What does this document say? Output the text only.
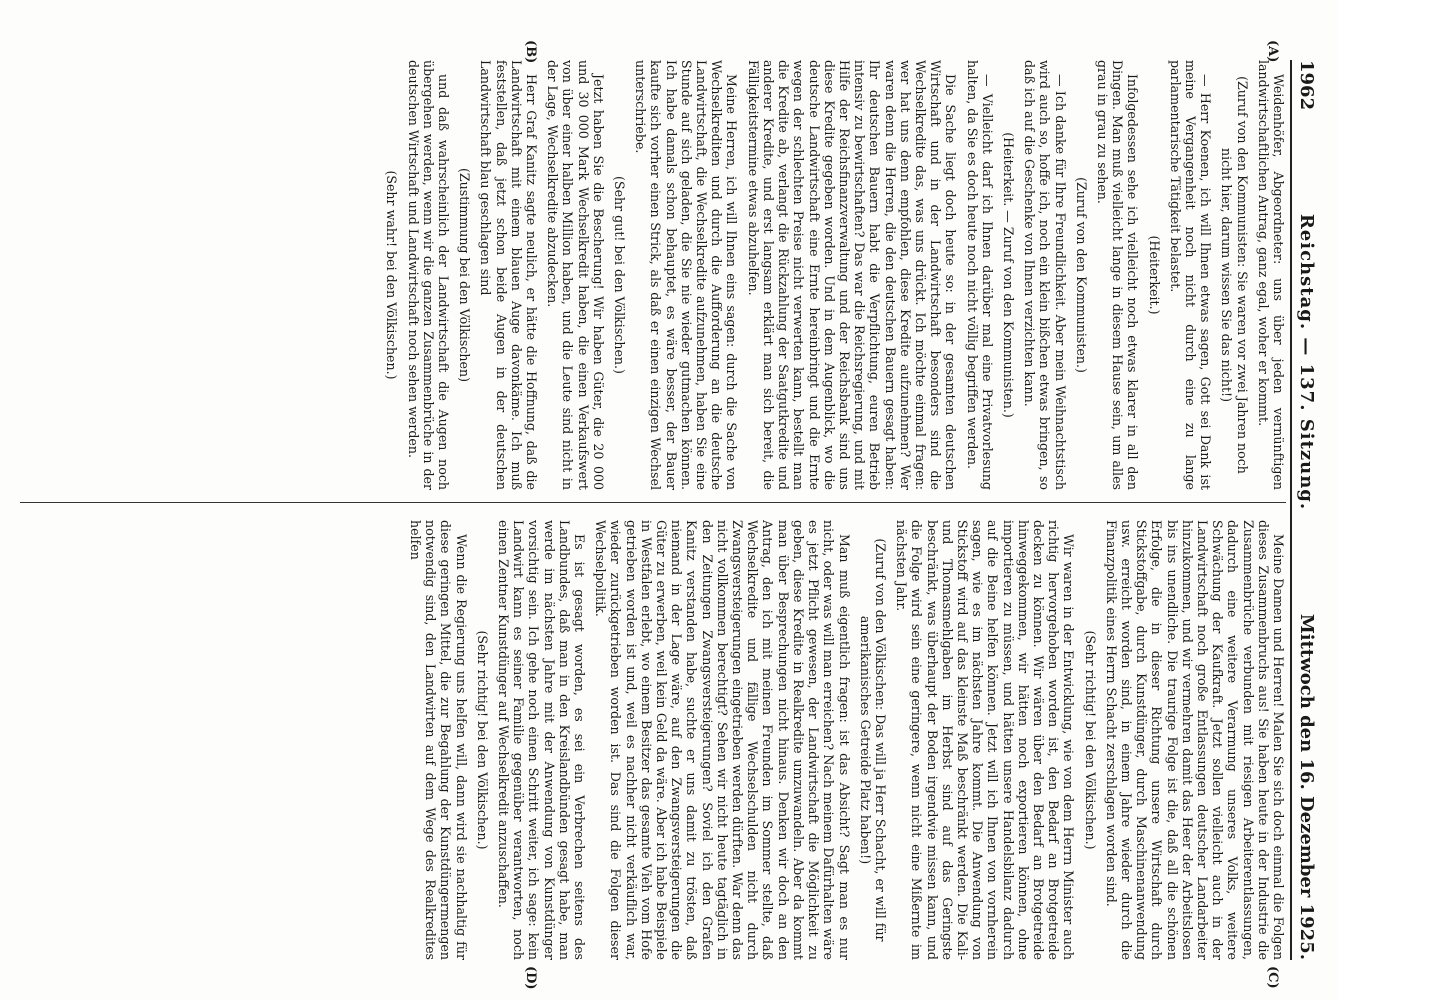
1962
Reichstag. — 137. Sitzung.
Mittwoch den 16. Dezember 1925.
(A)
(B)
(C)
(D)

Weidenhöfer, Abgeordneter: uns über jeden vernünftigen landwirtschaftlichen Antrag, ganz egal, woher er kommt.

(Zuruf von den Kommunisten: Sie waren vor zwei Jahren noch nicht hier, darum wissen Sie das nicht!)

— Herr Koenen, ich will Ihnen etwas sagen, Gott sei Dank ist meine Vergangenheit noch nicht durch eine zu lange parlamentarische Tätigkeit belastet.

(Heiterkeit.)

Infolgedessen sehe ich vielleicht noch etwas klarer in all den Dingen. Man muß vielleicht lange in diesem Hause sein, um alles grau in grau zu sehen.

(Zuruf von den Kommunisten.)

— Ich danke für Ihre Freundlichkeit. Aber mein Weihnachtstisch wird auch so, hoffe ich, noch ein klein bißchen etwas bringen, so daß ich auf die Geschenke von Ihnen verzichten kann.

(Heiterkeit. — Zuruf von den Kommunisten.)

— Vielleicht darf ich Ihnen darüber mal eine Privatvorlesung halten, da Sie es doch heute noch nicht völlig begriffen werden.

Die Sache liegt doch heute so: in der gesamten deutschen Wirtschaft und in der Landwirtschaft besonders sind die Wechselkredite das, was uns drückt. Ich möchte einmal fragen: wer hat uns denn empfohlen, diese Kredite aufzunehmen? Wer waren denn die Herren, die den deutschen Bauern gesagt haben: Ihr deutschen Bauern habt die Verpflichtung, euren Betrieb intensiv zu bewirtschaften? Das war die Reichsregierung, und mit Hilfe der Reichsfinanzverwaltung und der Reichsbank sind uns diese Kredite gegeben worden. Und in dem Augenblick, wo die deutsche Landwirtschaft eine Ernte hereinbringt und die Ernte wegen der schlechten Preise nicht verwerten kann, bestellt man die Kredite ab, verlangt die Rückzahlung der Saatgutkredite und anderer Kredite, und erst langsam erklärt man sich bereit, die Fälligkeitstermine etwas abzuhelfen.

Meine Herren, ich will Ihnen eins sagen: durch die Sache von Wechselkrediten und durch die Aufforderung an die deutsche Landwirtschaft, die Wechselkredite aufzunehmen, haben Sie eine Stunde auf sich geladen, die Sie nie wieder gutmachen können. Ich habe damals schon behauptet, es wäre besser, der Bauer kaufte sich vorher einen Strick, als daß er einen einzigen Wechsel unterschriebe.

(Sehr gut! bei den Völkischen.)

Jetzt haben Sie die Bescherung! Wir haben Güter, die 20 000 und 30 000 Mark Wechselkredit haben, die einen Verkaufswert von über einer halben Million haben, und die Leute sind nicht in der Lage, Wechselkredite abzudecken.

Herr Graf Kanitz sagte neulich, er hätte die Hoffnung, daß die Landwirtschaft mit einem blauen Auge davonkäme. Ich muß feststellen, daß jetzt schon beide Augen in der deutschen Landwirtschaft blau geschlagen sind

(Zustimmung bei den Völkischen)

und daß wahrscheinlich der Landwirtschaft die Augen noch übergehen werden, wenn wir die ganzen Zusammenbrüche in der deutschen Wirtschaft und Landwirtschaft noch sehen werden.

(Sehr wahr! bei den Völkischen.)

Meine Damen und Herren! Malen Sie sich doch einmal die Folgen dieses Zusammenbruchs aus! Sie haben heute in der Industrie die Zusammenbrüche verbunden mit riesigen Arbeiterentlassungen, dadurch eine weitere Verarmung unseres Volks, weitere Schwächung der Kaufkraft. Jetzt sollen vielleicht auch in der Landwirtschaft noch große Entlassungen deutscher Landarbeiter hinzukommen, und wir vermehren damit das Heer der Arbeitslosen bis ins unendliche. Die traurige Folge ist die, daß all die schönen Erfolge, die in dieser Richtung unsere Wirtschaft durch Stickstoffgabe, durch Kunstdünger, durch Maschinenanwendung usw. erreicht worden sind, in einem Jahre wieder durch die Finanzpolitik eines Herrn Schacht zerschlagen worden sind.

(Sehr richtig! bei den Völkischen.)

Wir waren in der Entwicklung, wie von dem Herrn Minister auch richtig hervorgehoben worden ist, den Bedarf an Brotgetreide decken zu können. Wir wären über den Bedarf an Brotgetreide hinweggekommen, wir hätten noch exportieren können, ohne importieren zu müssen, und hätten unsere Handelsbilanz dadurch auf die Beine helfen können. Jetzt will ich Ihnen von vornherein sagen, wie es im nächsten Jahre kommt. Die Anwendung von Stickstoff wird auf das kleinste Maß beschränkt werden. Die Kali- und Thomasmehlgaben im Herbst sind auf das Geringste beschränkt, was überhaupt der Boden irgendwie missen kann, und die Folge wird sein eine geringere, wenn nicht eine Mißernte im nächsten Jahr.

(Zuruf von den Völkischen: Das will ja Herr Schacht, er will für amerikanisches Getreide Platz haben!)

Man muß eigentlich fragen: ist das Absicht? Sagt man es nur nicht, oder was will man erreichen? Nach meinem Dafürhalten wäre es jetzt Pflicht gewesen, der Landwirtschaft die Möglichkeit zu geben, diese Kredite in Realkredite umzuwandeln. Aber da kommt man über Besprechungen nicht hinaus. Denken wir doch an den Antrag, den ich mit meinen Freunden im Sommer stellte, daß Wechselkredite und fällige Wechselschulden nicht durch Zwangsversteigerungen eingetrieben werden dürften. War denn das nicht vollkommen berechtigt? Sehen wir nicht heute tagtäglich in den Zeitungen Zwangsversteigerungen? Soviel ich den Grafen Kanitz verstanden habe, suchte er uns damit zu trösten, daß niemand in der Lage wäre, auf den Zwangsversteigerungen die Güter zu erwerben, weil kein Geld da wäre. Aber ich habe Beispiele in Westfalen erlebt, wo einem Besitzer das gesamte Vieh vom Hofe getrieben worden ist und, weil es nachher nicht verkäuflich war, wieder zurückgetrieben worden ist. Das sind die Folgen dieser Wechselpolitik.

Es ist gesagt worden, es sei ein Verbrechen seitens des Landbundes, daß man in den Kreislandbünden gesagt habe, man werde im nächsten Jahre mit der Anwendung von Kunstdünger vorsichtig sein. Ich gehe noch einen Schritt weiter, ich sage: kein Landwirt kann es seiner Familie gegenüber verantworten, noch einen Zentner Kunstdünger auf Wechselkredit anzuschaffen.

(Sehr richtig! bei den Völkischen.)

Wenn die Regierung uns helfen will, dann wird sie nachhaltig für diese geringen Mittel, die zur Begahlung der Kunstdüngermengen notwendig sind, den Landwirten auf dem Wege des Realkredites helfen
